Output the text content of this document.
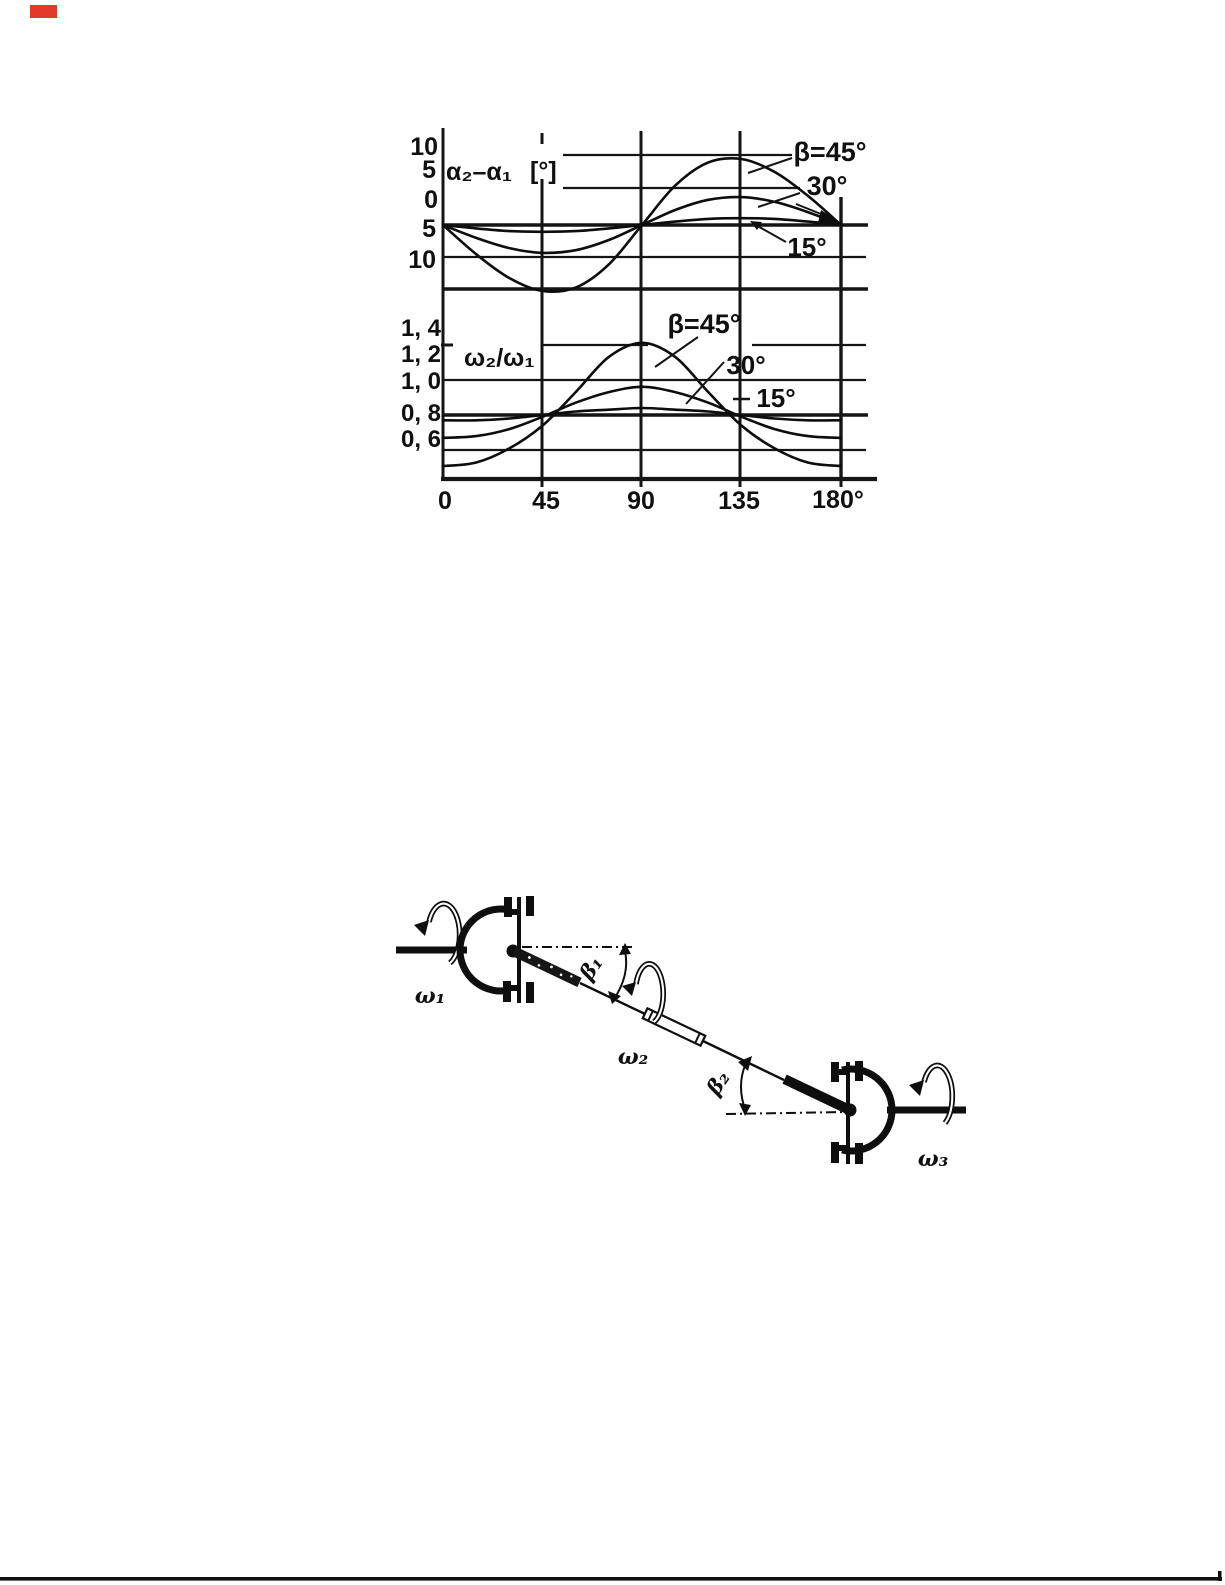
10
5
0
5
10
α₂–α₁ [°]
β=45°
30°
15°
1, 4
1, 2
1, 0
0, 8
0, 6
ω₂/ω₁
β=45°
30°
15°
0	45	90	135 180°
ω₁
ω₂
β₁
β₂
ω₃
